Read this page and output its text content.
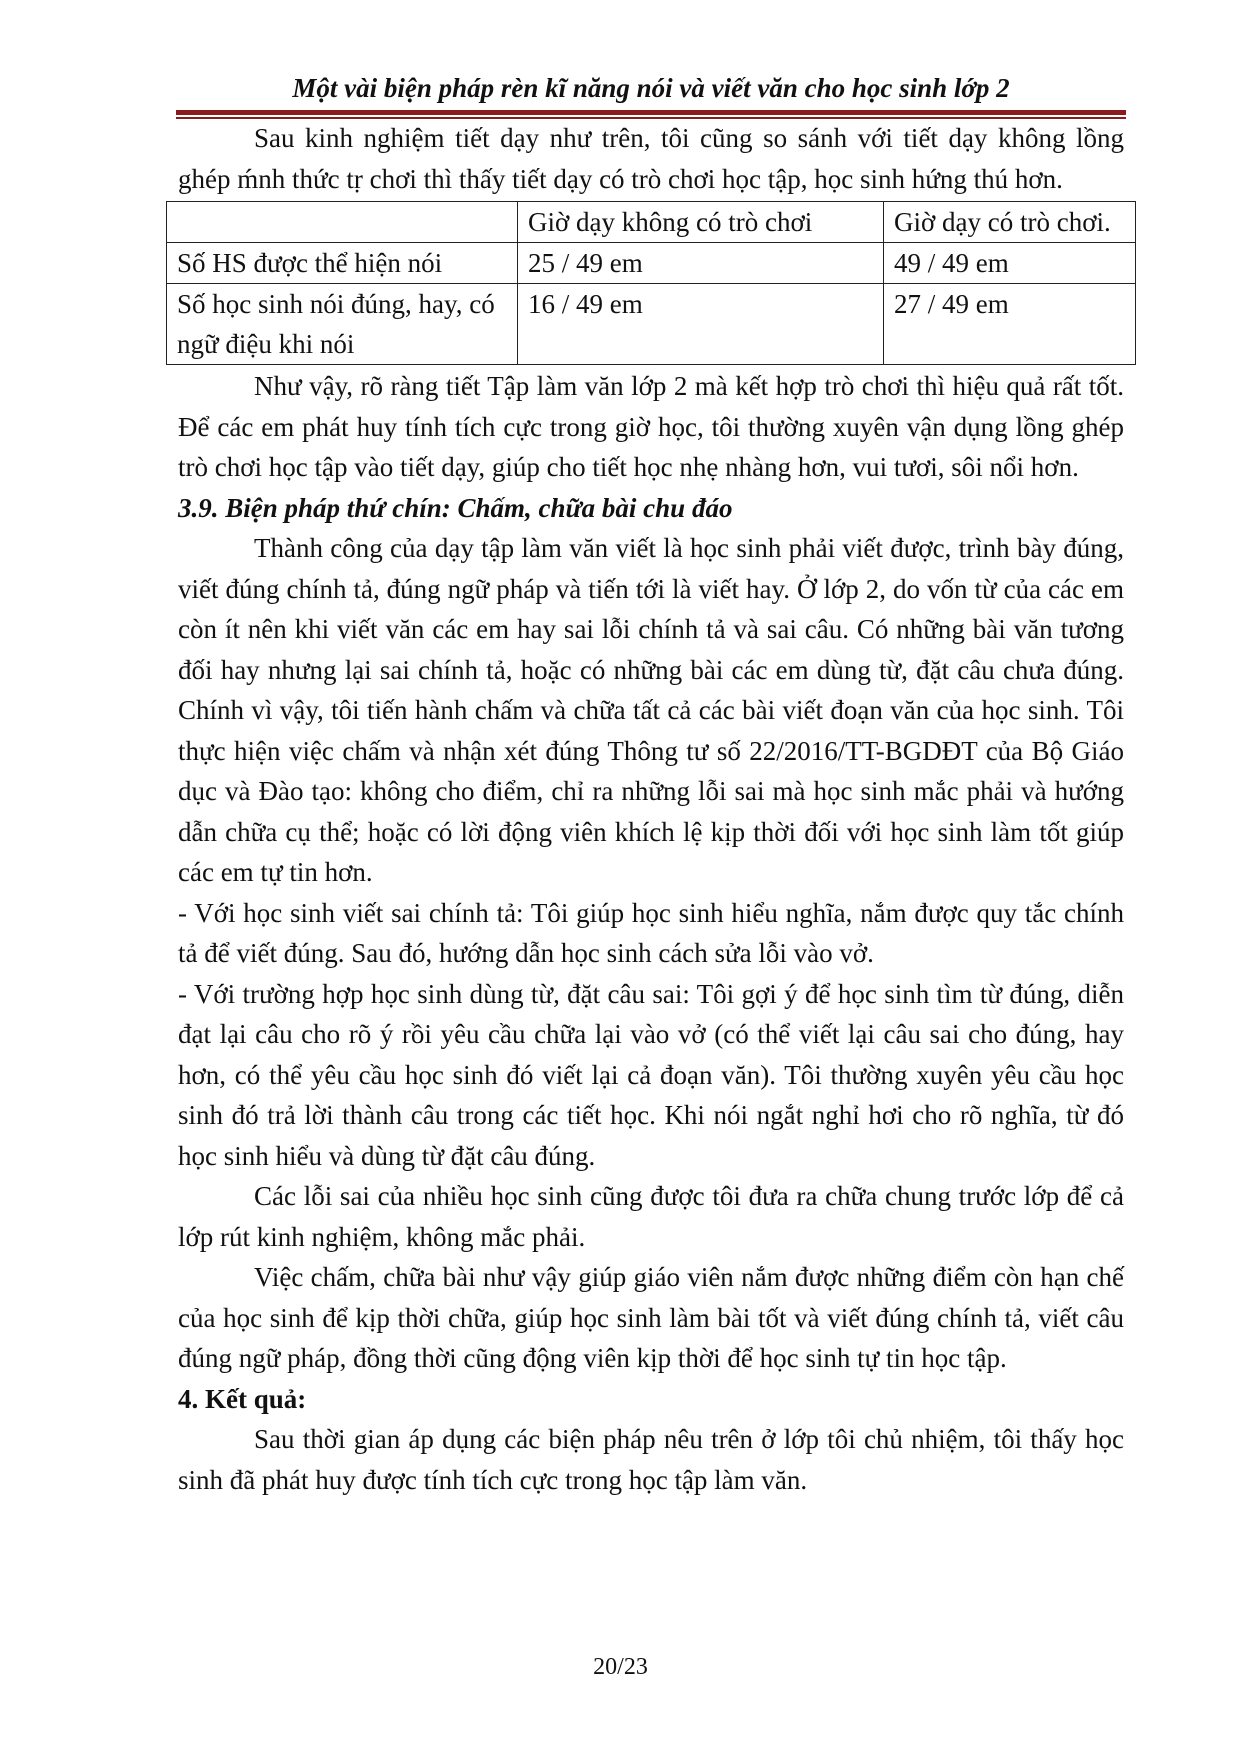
Một vài biện pháp rèn kĩ năng nói và viết văn cho học sinh lớp 2

Sau kinh nghiệm tiết dạy như trên, tôi cũng so sánh với tiết dạy không lồng ghép ḿnh thức tṛ chơi thì thấy tiết dạy có trò chơi học tập, học sinh hứng thú hơn.

	Giờ dạy không có trò chơi	Giờ dạy có trò chơi.
Số HS được thể hiện nói	25 / 49 em	49 / 49 em
Số học sinh nói đúng, hay, có ngữ điệu khi nói	16 / 49 em	27 / 49 em

Như vậy, rõ ràng tiết Tập làm văn lớp 2 mà kết hợp trò chơi thì hiệu quả rất tốt. Để các em phát huy tính tích cực trong giờ học, tôi thường xuyên vận dụng lồng ghép trò chơi học tập vào tiết dạy, giúp cho tiết học nhẹ nhàng hơn, vui tươi, sôi nổi hơn.

3.9. Biện pháp thứ chín: Chấm, chữa bài chu đáo

Thành công của dạy tập làm văn viết là học sinh phải viết được, trình bày đúng, viết đúng chính tả, đúng ngữ pháp và tiến tới là viết hay. Ở lớp 2, do vốn từ của các em còn ít nên khi viết văn các em hay sai lỗi chính tả và sai câu. Có những bài văn tương đối hay nhưng lại sai chính tả, hoặc có những bài các em dùng từ, đặt câu chưa đúng. Chính vì vậy, tôi tiến hành chấm và chữa tất cả các bài viết đoạn văn của học sinh. Tôi thực hiện việc chấm và nhận xét đúng Thông tư số 22/2016/TT-BGDĐT của Bộ Giáo dục và Đào tạo: không cho điểm, chỉ ra những lỗi sai mà học sinh mắc phải và hướng dẫn chữa cụ thể; hoặc có lời động viên khích lệ kịp thời đối với học sinh làm tốt giúp các em tự tin hơn.

- Với học sinh viết sai chính tả: Tôi giúp học sinh hiểu nghĩa, nắm được quy tắc chính tả để viết đúng. Sau đó, hướng dẫn học sinh cách sửa lỗi vào vở.

- Với trường hợp học sinh dùng từ, đặt câu sai: Tôi gợi ý để học sinh tìm từ đúng, diễn đạt lại câu cho rõ ý rồi yêu cầu chữa lại vào vở (có thể viết lại câu sai cho đúng, hay hơn, có thể yêu cầu học sinh đó viết lại cả đoạn văn). Tôi thường xuyên yêu cầu học sinh đó trả lời thành câu trong các tiết học. Khi nói ngắt nghỉ hơi cho rõ nghĩa, từ đó học sinh hiểu và dùng từ đặt câu đúng.

Các lỗi sai của nhiều học sinh cũng được tôi đưa ra chữa chung trước lớp để cả lớp rút kinh nghiệm, không mắc phải.

Việc chấm, chữa bài như vậy giúp giáo viên nắm được những điểm còn hạn chế của học sinh để kịp thời chữa, giúp học sinh làm bài tốt và viết đúng chính tả, viết câu đúng ngữ pháp, đồng thời cũng động viên kịp thời để học sinh tự tin học tập.

4. Kết quả:

Sau thời gian áp dụng các biện pháp nêu trên ở lớp tôi chủ nhiệm, tôi thấy học sinh đã phát huy được tính tích cực trong học tập làm văn.

20/23
